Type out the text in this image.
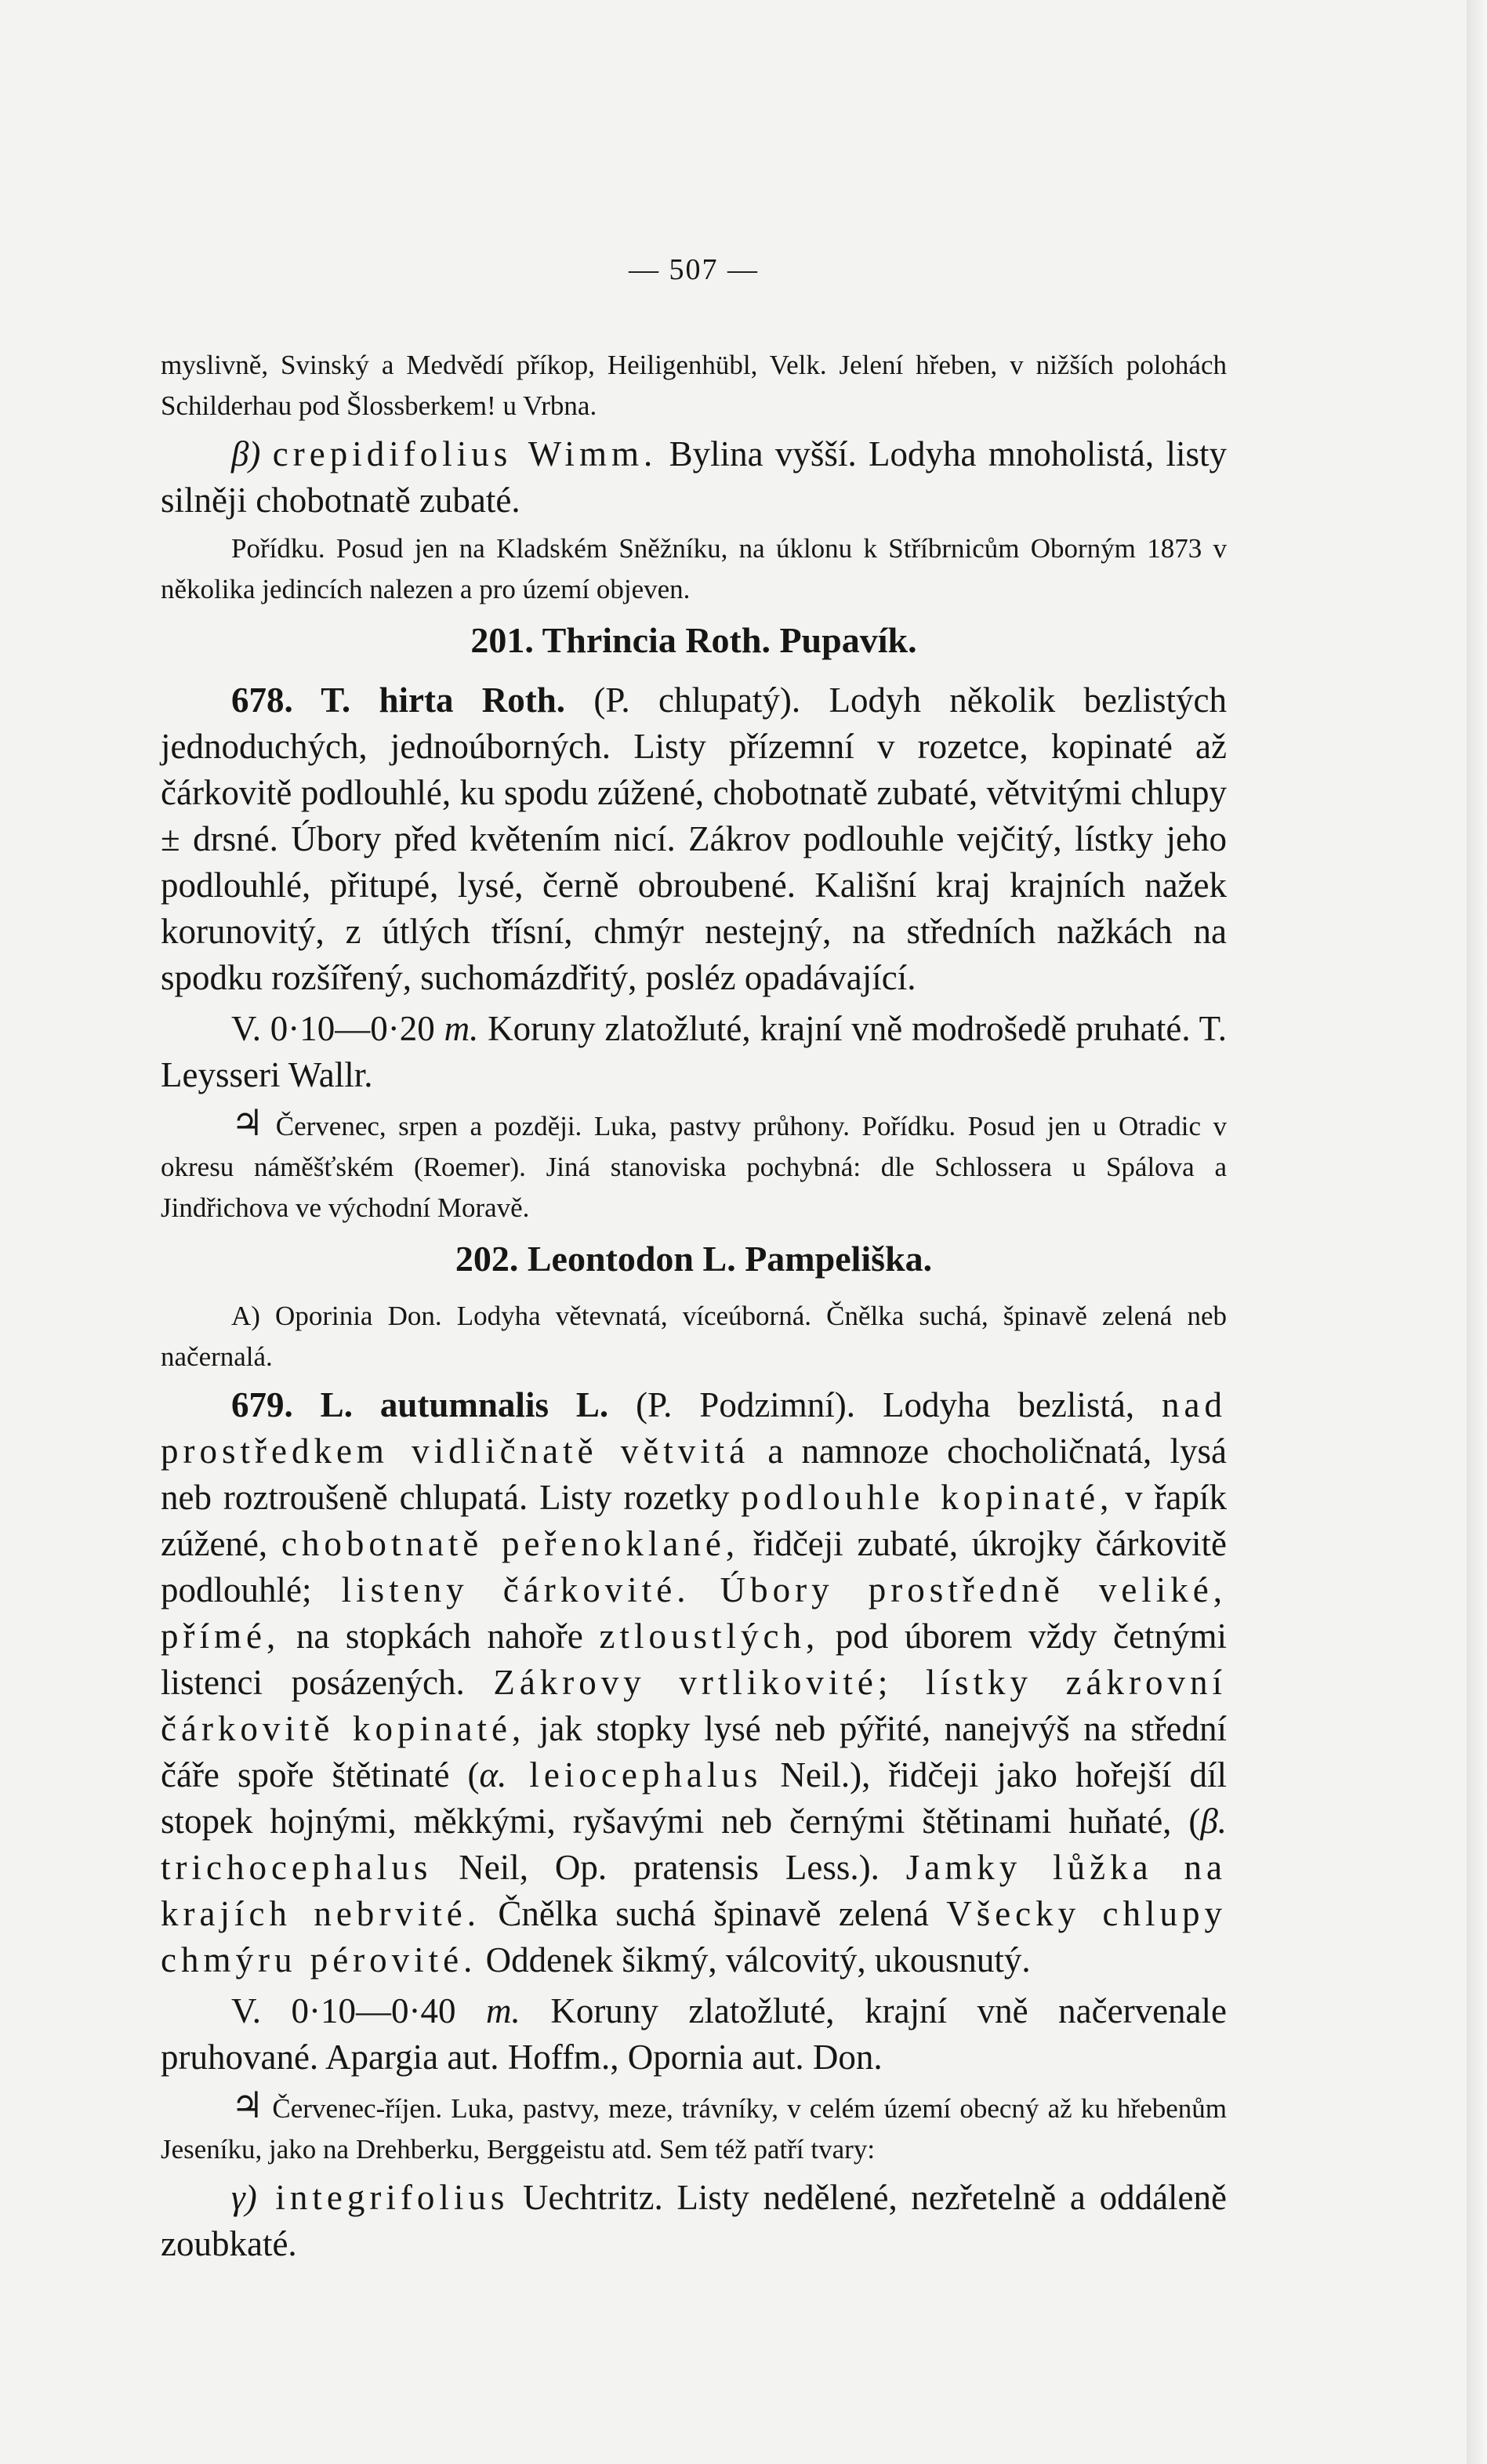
— 507 —

myslivně, Svinský a Medvědí příkop, Heiligenhübl, Velk. Jelení hřeben, v nižších polohách Schilderhau pod Šlossberkem! u Vrbna.

β) crepidifolius Wimm. Bylina vyšší. Lodyha mnoholistá, listy silněji chobotnatě zubaté.

Pořídku. Posud jen na Kladském Sněžníku, na úklonu k Stříbrnicům Oborným 1873 v několika jedincích nalezen a pro území objeven.

201. Thrincia Roth. Pupavík.

678. T. hirta Roth. (P. chlupatý). Lodyh několik bezlistých jednoduchých, jednoúborných. Listy přízemní v rozetce, kopinaté až čárkovitě podlouhlé, ku spodu zúžené, chobotnatě zubaté, větvitými chlupy ± drsné. Úbory před květením nicí. Zákrov podlouhle vejčitý, lístky jeho podlouhlé, přitupé, lysé, černě obroubené. Kališní kraj krajních nažek korunovitý, z útlých třísní, chmýr nestejný, na středních nažkách na spodku rozšířený, suchomázdřitý, posléz opadávající.

V. 0·10—0·20 m. Koruny zlatožluté, krajní vně modrošedě pruhaté. T. Leysseri Wallr.

♃ Červenec, srpen a později. Luka, pastvy průhony. Pořídku. Posud jen u Otradic v okresu náměšťském (Roemer). Jiná stanoviska pochybná: dle Schlossera u Spálova a Jindřichova ve východní Moravě.

202. Leontodon L. Pampeliška.

A) Oporinia Don. Lodyha větevnatá, víceúborná. Čnělka suchá, špinavě zelená neb načernalá.

679. L. autumnalis L. (P. Podzimní). Lodyha bezlistá, nad prostředkem vidličnatě větvitá a namnoze chocholičnatá, lysá neb roztroušeně chlupatá. Listy rozetky podlouhle kopinaté, v řapík zúžené, chobotnatě peřenoklané, řidčeji zubaté, úkrojky čárkovitě podlouhlé; listeny čárkovité. Úbory prostředně veliké, přímé, na stopkách nahoře ztloustlých, pod úborem vždy četnými listenci posázených. Zákrovy vrtlikovité; lístky zákrovní čárkovitě kopinaté, jak stopky lysé neb pýřité, nanejvýš na střední čáře spoře štětinaté (α. leiocephalus Neil.), řidčeji jako hořejší díl stopek hojnými, měkkými, ryšavými neb černými štětinami huňaté, (β. trichocephalus Neil, Op. pratensis Less.). Jamky lůžka na krajích nebrvité. Čnělka suchá špinavě zelená Všecky chlupy chmýru pérovité. Oddenek šikmý, válcovitý, ukousnutý.

V. 0·10—0·40 m. Koruny zlatožluté, krajní vně načervenale pruhované. Apargia aut. Hoffm., Opornia aut. Don.

♃ Červenec-říjen. Luka, pastvy, meze, trávníky, v celém území obecný až ku hřebenům Jeseníku, jako na Drehberku, Berggeistu atd. Sem též patří tvary:

γ) integrifolius Uechtritz. Listy nedělené, nezřetelně a oddáleně zoubkaté.
